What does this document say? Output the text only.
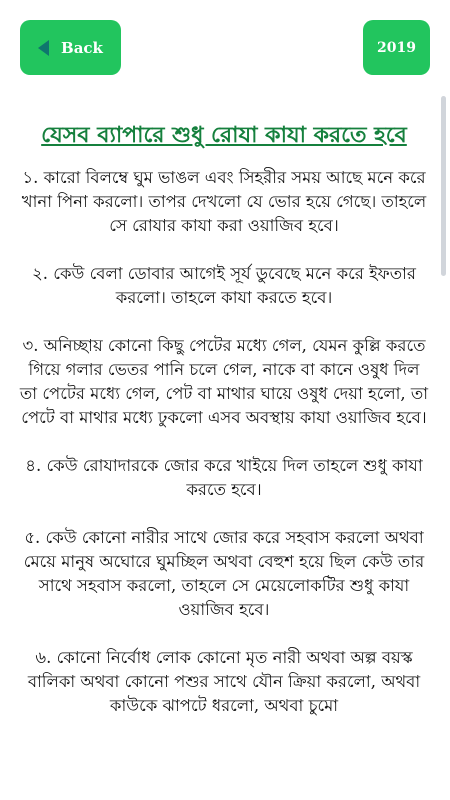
Back	2019
যেসব ব্যাপারে শুধু রোযা কাযা করতে হবে

১. কারো বিলম্বে ঘুম ভাঙল এবং সিহরীর সময় আছে মনে করে খানা পিনা করলো। তাপর দেখলো যে ভোর হয়ে গেছে। তাহলে সে রোযার কাযা করা ওয়াজিব হবে।

২. কেউ বেলা ডোবার আগেই সূর্য ডুবেছে মনে করে ইফতার করলো। তাহলে কাযা করতে হবে।

৩. অনিচ্ছায় কোনো কিছু পেটের মধ্যে গেল, যেমন কুল্লি করতে গিয়ে গলার ভেতর পানি চলে গেল, নাকে বা কানে ওষুধ দিল তা পেটের মধ্যে গেল, পেট বা মাথার ঘায়ে ওষুধ দেয়া হলো, তা পেটে বা মাথার মধ্যে ঢুকলো এসব অবস্থায় কাযা ওয়াজিব হবে।

৪. কেউ রোযাদারকে জোর করে খাইয়ে দিল তাহলে শুধু কাযা করতে হবে।

৫. কেউ কোনো নারীর সাথে জোর করে সহবাস করলো অথবা মেয়ে মানুষ অঘোরে ঘুমচ্ছিল অথবা বেহুশ হয়ে ছিল কেউ তার সাথে সহবাস করলো, তাহলে সে মেয়েলোকটির শুধু কাযা ওয়াজিব হবে।

৬. কোনো নির্বোধ লোক কোনো মৃত নারী অথবা অল্প বয়স্ক বালিকা অথবা কোনো পশুর সাথে যৌন ক্রিয়া করলো, অথবা কাউকে ঝাপটে ধরলো, অথবা চুমো
